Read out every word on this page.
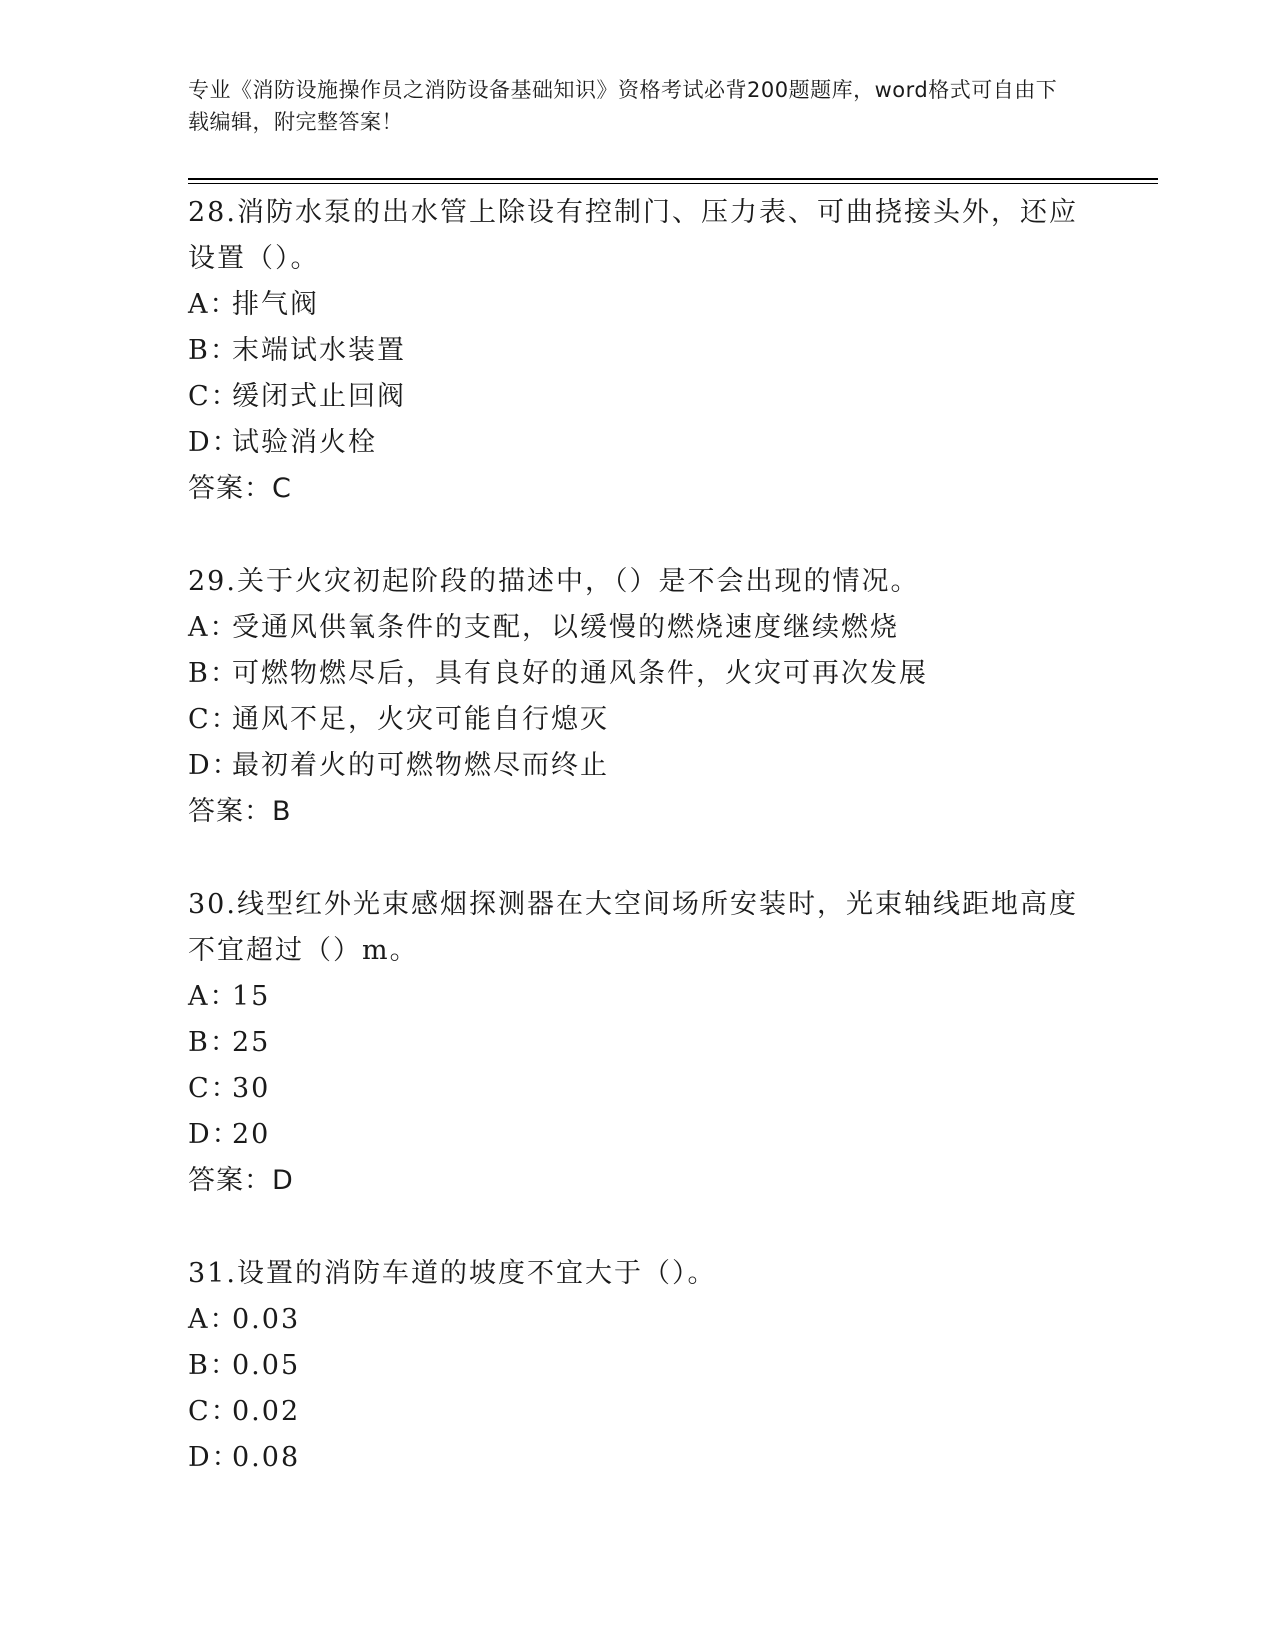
专业《消防设施操作员之消防设备基础知识》资格考试必背200题题库，word格式可自由下载编辑，附完整答案！

28.消防水泵的出水管上除设有控制门、压力表、可曲挠接头外，还应设置（）。

A：排气阀

B：末端试水装置

C：缓闭式止回阀

D：试验消火栓

答案：C

29.关于火灾初起阶段的描述中，（）是不会出现的情况。

A：受通风供氧条件的支配，以缓慢的燃烧速度继续燃烧

B：可燃物燃尽后，具有良好的通风条件，火灾可再次发展

C：通风不足，火灾可能自行熄灭

D：最初着火的可燃物燃尽而终止

答案：B

30.线型红外光束感烟探测器在大空间场所安装时，光束轴线距地高度不宜超过（）m。

A：15

B：25

C：30

D：20

答案：D

31.设置的消防车道的坡度不宜大于（）。

A：0.03

B：0.05

C：0.02

D：0.08
